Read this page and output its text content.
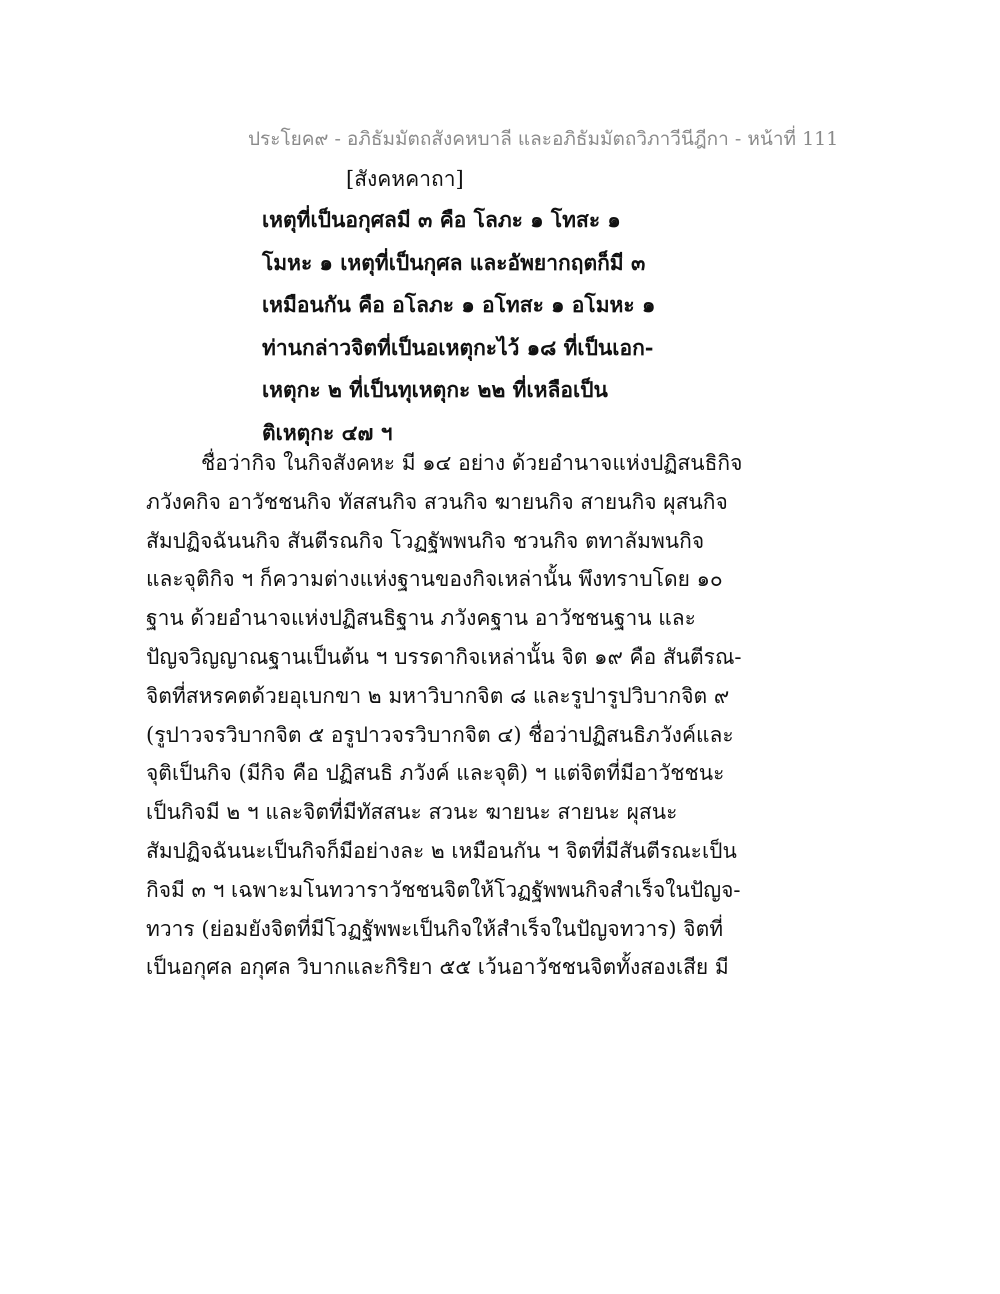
ประโยค๙ - อภิธัมมัตถสังคหบาลี และอภิธัมมัตถวิภาวีนีฎีกา - หน้าที่ 111
[สังคหคาถา]
เหตุที่เป็นอกุศลมี ๓ คือ โลภะ ๑ โทสะ ๑
โมหะ ๑ เหตุที่เป็นกุศล และอัพยากฤตก็มี ๓
เหมือนกัน คือ อโลภะ ๑ อโทสะ ๑ อโมหะ ๑
ท่านกล่าวจิตที่เป็นอเหตุกะไว้ ๑๘ ที่เป็นเอก-
เหตุกะ ๒ ที่เป็นทุเหตุกะ ๒๒ ที่เหลือเป็น
ติเหตุกะ ๔๗ ฯ
ชื่อว่ากิจ ในกิจสังคหะ มี ๑๔ อย่าง ด้วยอำนาจแห่งปฏิสนธิกิจ
ภวังคกิจ อาวัชชนกิจ ทัสสนกิจ สวนกิจ ฆายนกิจ สายนกิจ ผุสนกิจ
สัมปฏิจฉันนกิจ สันตีรณกิจ โวฏฐัพพนกิจ ชวนกิจ ตทาลัมพนกิจ
และจุติกิจ ฯ ก็ความต่างแห่งฐานของกิจเหล่านั้น พึงทราบโดย ๑๐
ฐาน ด้วยอำนาจแห่งปฏิสนธิฐาน ภวังคฐาน อาวัชชนฐาน และ
ปัญจวิญญาณฐานเป็นต้น ฯ บรรดากิจเหล่านั้น จิต ๑๙ คือ สันตีรณ-
จิตที่สหรคตด้วยอุเบกขา ๒ มหาวิบากจิต ๘ และรูปารูปวิบากจิต ๙
(รูปาวจรวิบากจิต ๕ อรูปาวจรวิบากจิต ๔) ชื่อว่าปฏิสนธิภวังค์และ
จุติเป็นกิจ (มีกิจ คือ ปฏิสนธิ ภวังค์ และจุติ) ฯ แต่จิตที่มีอาวัชชนะ
เป็นกิจมี ๒ ฯ และจิตที่มีทัสสนะ สวนะ ฆายนะ สายนะ ผุสนะ
สัมปฏิจฉันนะเป็นกิจก็มีอย่างละ ๒ เหมือนกัน ฯ จิตที่มีสันตีรณะเป็น
กิจมี ๓ ฯ เฉพาะมโนทวาราวัชชนจิตให้โวฏฐัพพนกิจสำเร็จในปัญจ-
ทวาร (ย่อมยังจิตที่มีโวฏฐัพพะเป็นกิจให้สำเร็จในปัญจทวาร) จิตที่
เป็นอกุศล อกุศล วิบากและกิริยา ๕๕ เว้นอาวัชชนจิตทั้งสองเสีย มี
